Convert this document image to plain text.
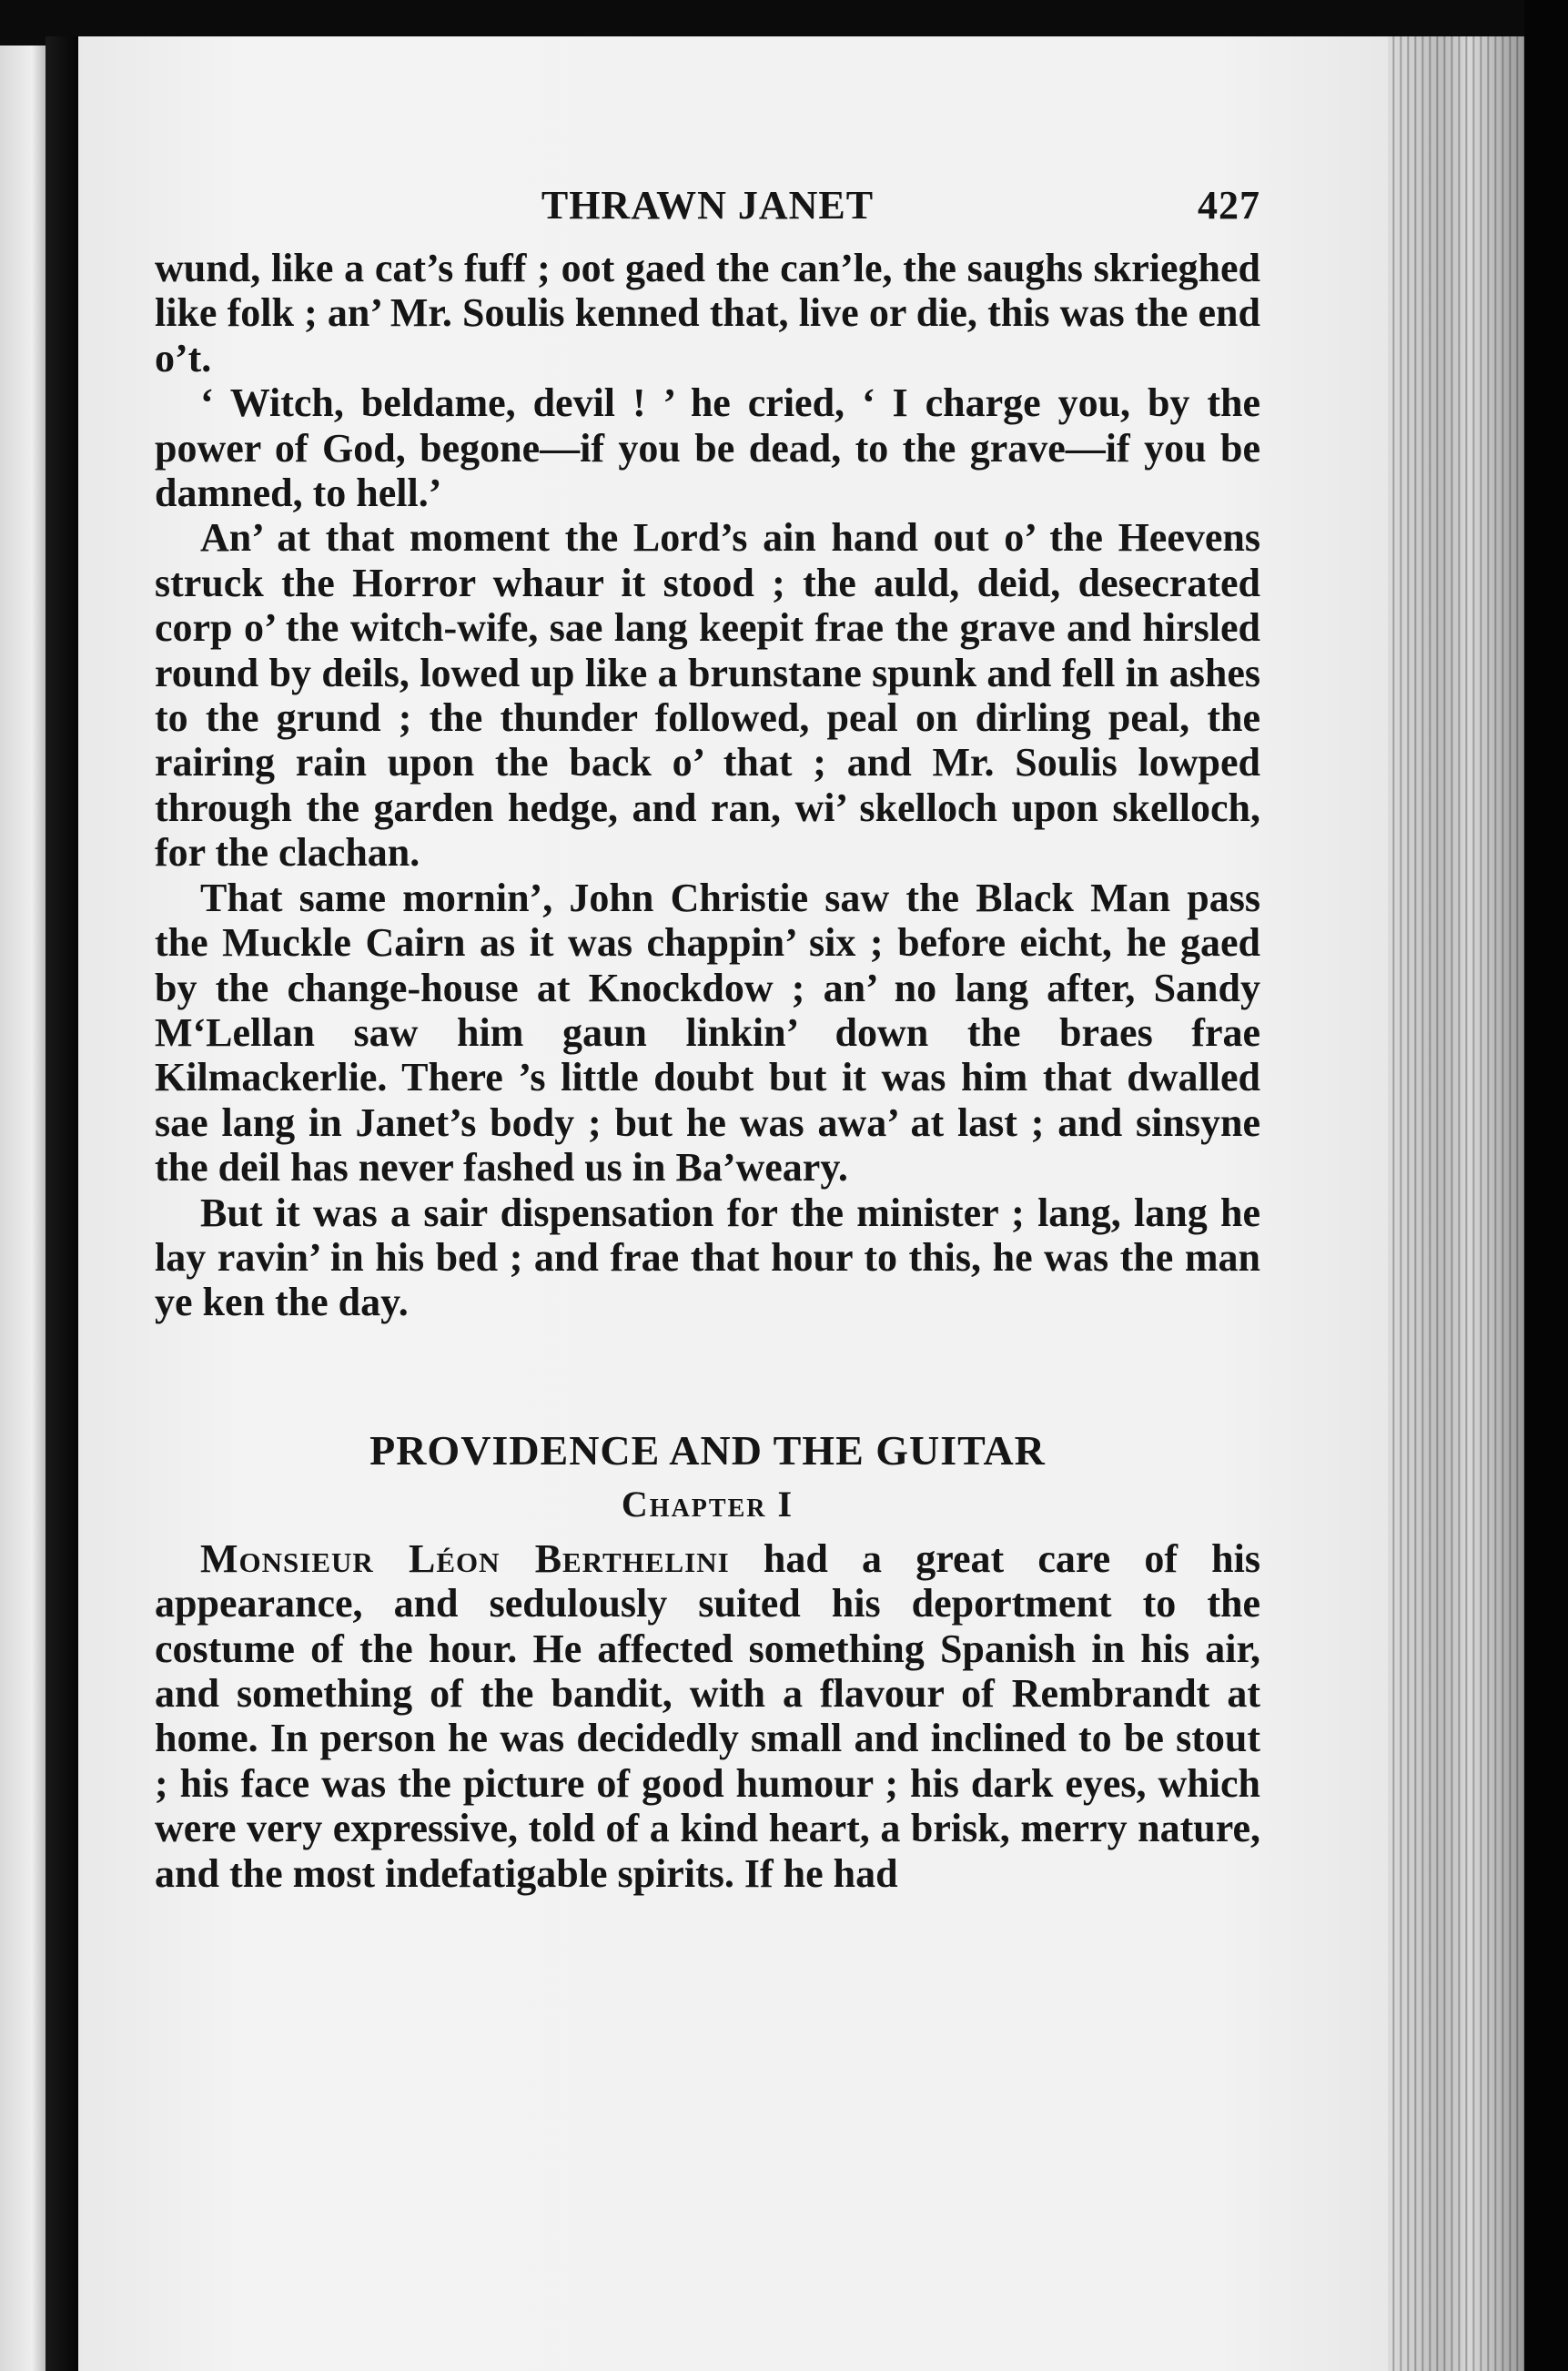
THRAWN JANET	427

wund, like a cat’s fuff ; oot gaed the can’le, the saughs skrieghed like folk ; an’ Mr. Soulis kenned that, live or die, this was the end o’t.

‘ Witch, beldame, devil ! ’ he cried, ‘ I charge you, by the power of God, begone—if you be dead, to the grave—if you be damned, to hell.’

An’ at that moment the Lord’s ain hand out o’ the Heevens struck the Horror whaur it stood ; the auld, deid, desecrated corp o’ the witch-wife, sae lang keepit frae the grave and hirsled round by deils, lowed up like a brunstane spunk and fell in ashes to the grund ; the thunder followed, peal on dirling peal, the rairing rain upon the back o’ that ; and Mr. Soulis lowped through the garden hedge, and ran, wi’ skelloch upon skelloch, for the clachan.

That same mornin’, John Christie saw the Black Man pass the Muckle Cairn as it was chappin’ six ; before eicht, he gaed by the change-house at Knockdow ; an’ no lang after, Sandy M‘Lellan saw him gaun linkin’ down the braes frae Kilmackerlie. There ’s little doubt but it was him that dwalled sae lang in Janet’s body ; but he was awa’ at last ; and sinsyne the deil has never fashed us in Ba’weary.

But it was a sair dispensation for the minister ; lang, lang he lay ravin’ in his bed ; and frae that hour to this, he was the man ye ken the day.

PROVIDENCE AND THE GUITAR
Chapter I

Monsieur Léon Berthelini had a great care of his appearance, and sedulously suited his deportment to the costume of the hour. He affected something Spanish in his air, and something of the bandit, with a flavour of Rembrandt at home. In person he was decidedly small and inclined to be stout ; his face was the picture of good humour ; his dark eyes, which were very expressive, told of a kind heart, a brisk, merry nature, and the most indefatigable spirits. If he had
